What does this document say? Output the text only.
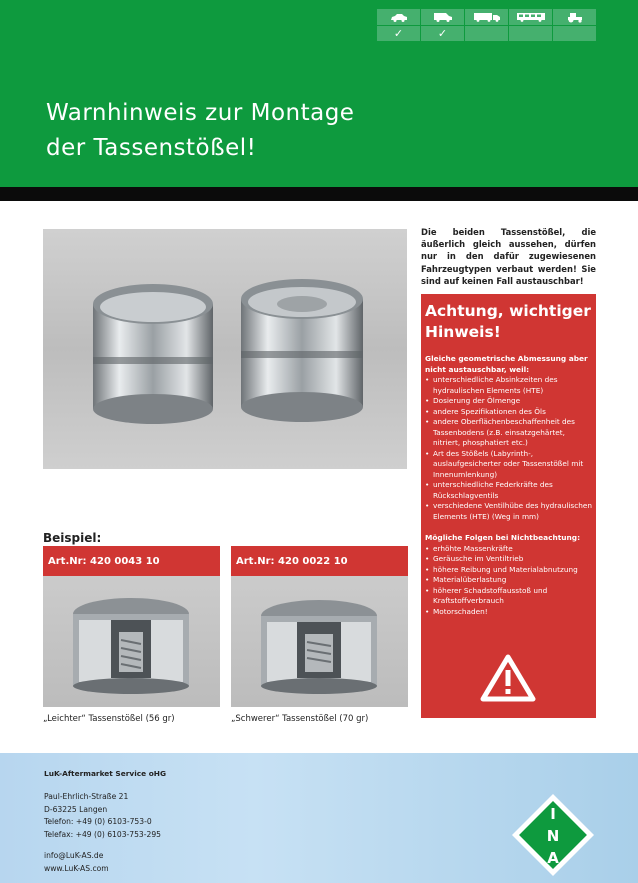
✓	✓
Warnhinweis zur Montage
der Tassenstößel!
Die beiden Tassenstößel, die äußerlich gleich aussehen, dürfen nur in den dafür zugewiesenen Fahrzeugtypen verbaut werden! Sie sind auf keinen Fall austauschbar!
Achtung, wichtiger
Hinweis!
Gleiche geometrische Abmessung aber nicht austauschbar, weil:
• unterschiedliche Absinkzeiten des hydraulischen Elements (HTE)
• Dosierung der Ölmenge
• andere Spezifikationen des Öls
• andere Oberflächenbeschaffenheit des Tassenbodens (z.B. einsatzgehärtet, nitriert, phosphatiert etc.)
• Art des Stößels (Labyrinth-, auslaufgesicherter oder Tassenstößel mit Innenumlenkung)
• unterschiedliche Federkräfte des Rückschlagventils
• verschiedene Ventilhübe des hydraulischen Elements (HTE) (Weg in mm)
Mögliche Folgen bei Nichtbeachtung:
• erhöhte Massenkräfte
• Geräusche im Ventiltrieb
• höhere Reibung und Materialabnutzung
• Materialüberlastung
• höherer Schadstoffausstoß und Kraftstoffverbrauch
• Motorschaden!
Beispiel:
Art.Nr: 420 0043 10
„Leichter“ Tassenstößel (56 gr)
Art.Nr: 420 0022 10
„Schwerer“ Tassenstößel (70 gr)
LuK-Aftermarket Service oHG
Paul-Ehrlich-Straße 21
D-63225 Langen
Telefon: +49 (0) 6103-753-0
Telefax: +49 (0) 6103-753-295
info@LuK-AS.de
www.LuK-AS.com
I
N
A
